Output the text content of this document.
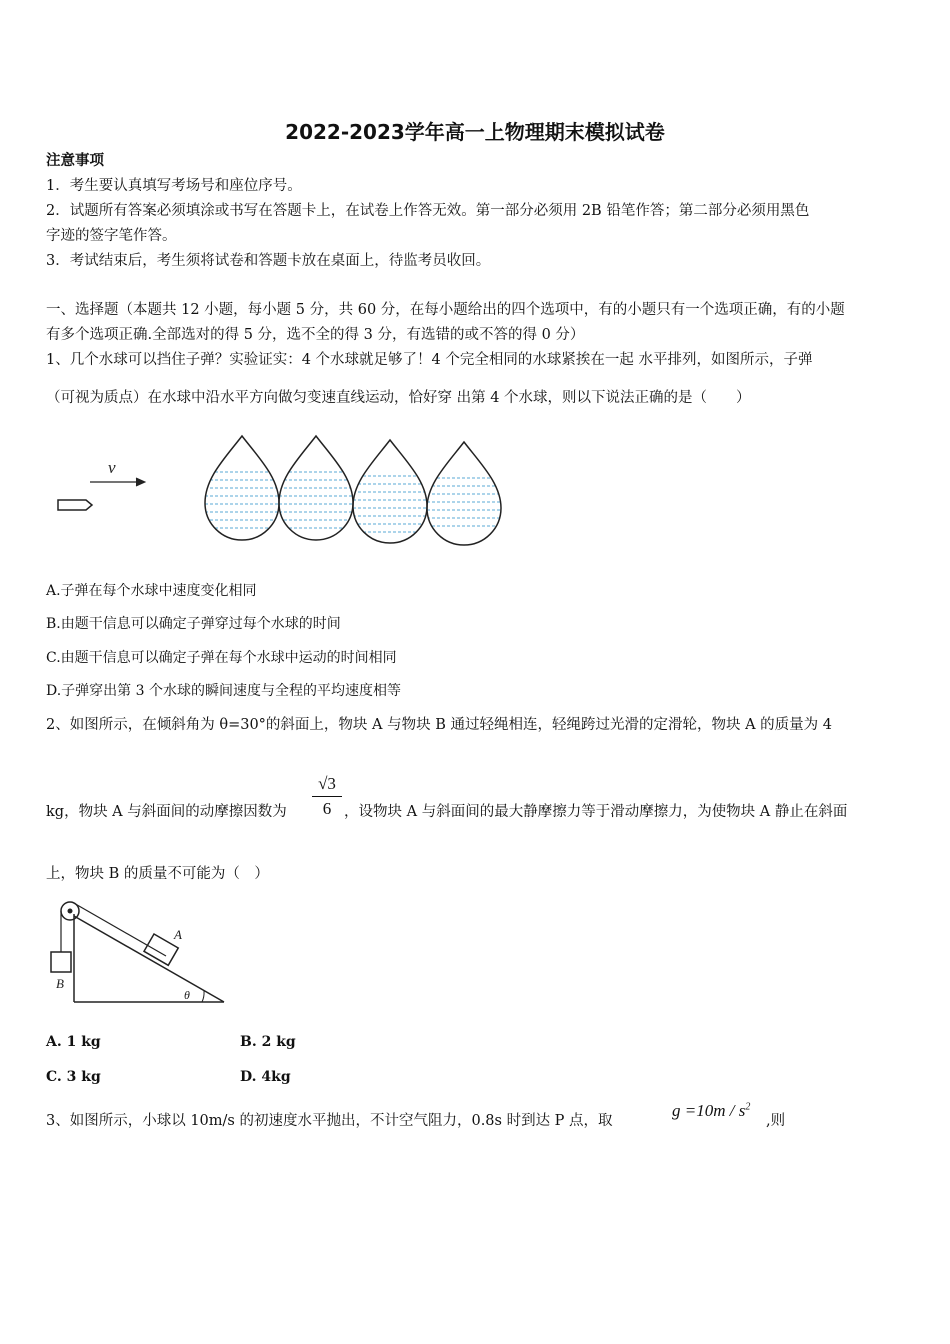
2022-2023学年高一上物理期末模拟试卷
注意事项
1．考生要认真填写考场号和座位序号。
2．试题所有答案必须填涂或书写在答题卡上，在试卷上作答无效。第一部分必须用 2B 铅笔作答；第二部分必须用黑色
字迹的签字笔作答。
3．考试结束后，考生须将试卷和答题卡放在桌面上，待监考员收回。
一、选择题（本题共 12 小题，每小题 5 分，共 60 分，在每小题给出的四个选项中，有的小题只有一个选项正确，有的小题
有多个选项正确.全部选对的得 5 分，选不全的得 3 分，有选错的或不答的得 0 分）
1、几个水球可以挡住子弹？实验证实：4 个水球就足够了！4 个完全相同的水球紧挨在一起 水平排列，如图所示，子弹
（可视为质点）在水球中沿水平方向做匀变速直线运动，恰好穿 出第 4 个水球，则以下说法正确的是（　　）
v
A.子弹在每个水球中速度变化相同
B.由题干信息可以确定子弹穿过每个水球的时间
C.由题干信息可以确定子弹在每个水球中运动的时间相同
D.子弹穿出第 3 个水球的瞬间速度与全程的平均速度相等
2、如图所示，在倾斜角为 θ=30°的斜面上，物块 A 与物块 B 通过轻绳相连，轻绳跨过光滑的定滑轮，物块 A 的质量为 4
kg，物块 A 与斜面间的动摩擦因数为
√3
6 ，设物块 A 与斜面间的最大静摩擦力等于滑动摩擦力，为使物块 A 静止在斜面
上，物块 B 的质量不可能为（　）
A
B
θ
A. 1 kg	B. 2 kg
C. 3 kg	D. 4kg
3、如图所示，小球以 10m/s 的初速度水平抛出，不计空气阻力，0.8s 时到达 P 点，取
$g =10m / s^2$
,则
